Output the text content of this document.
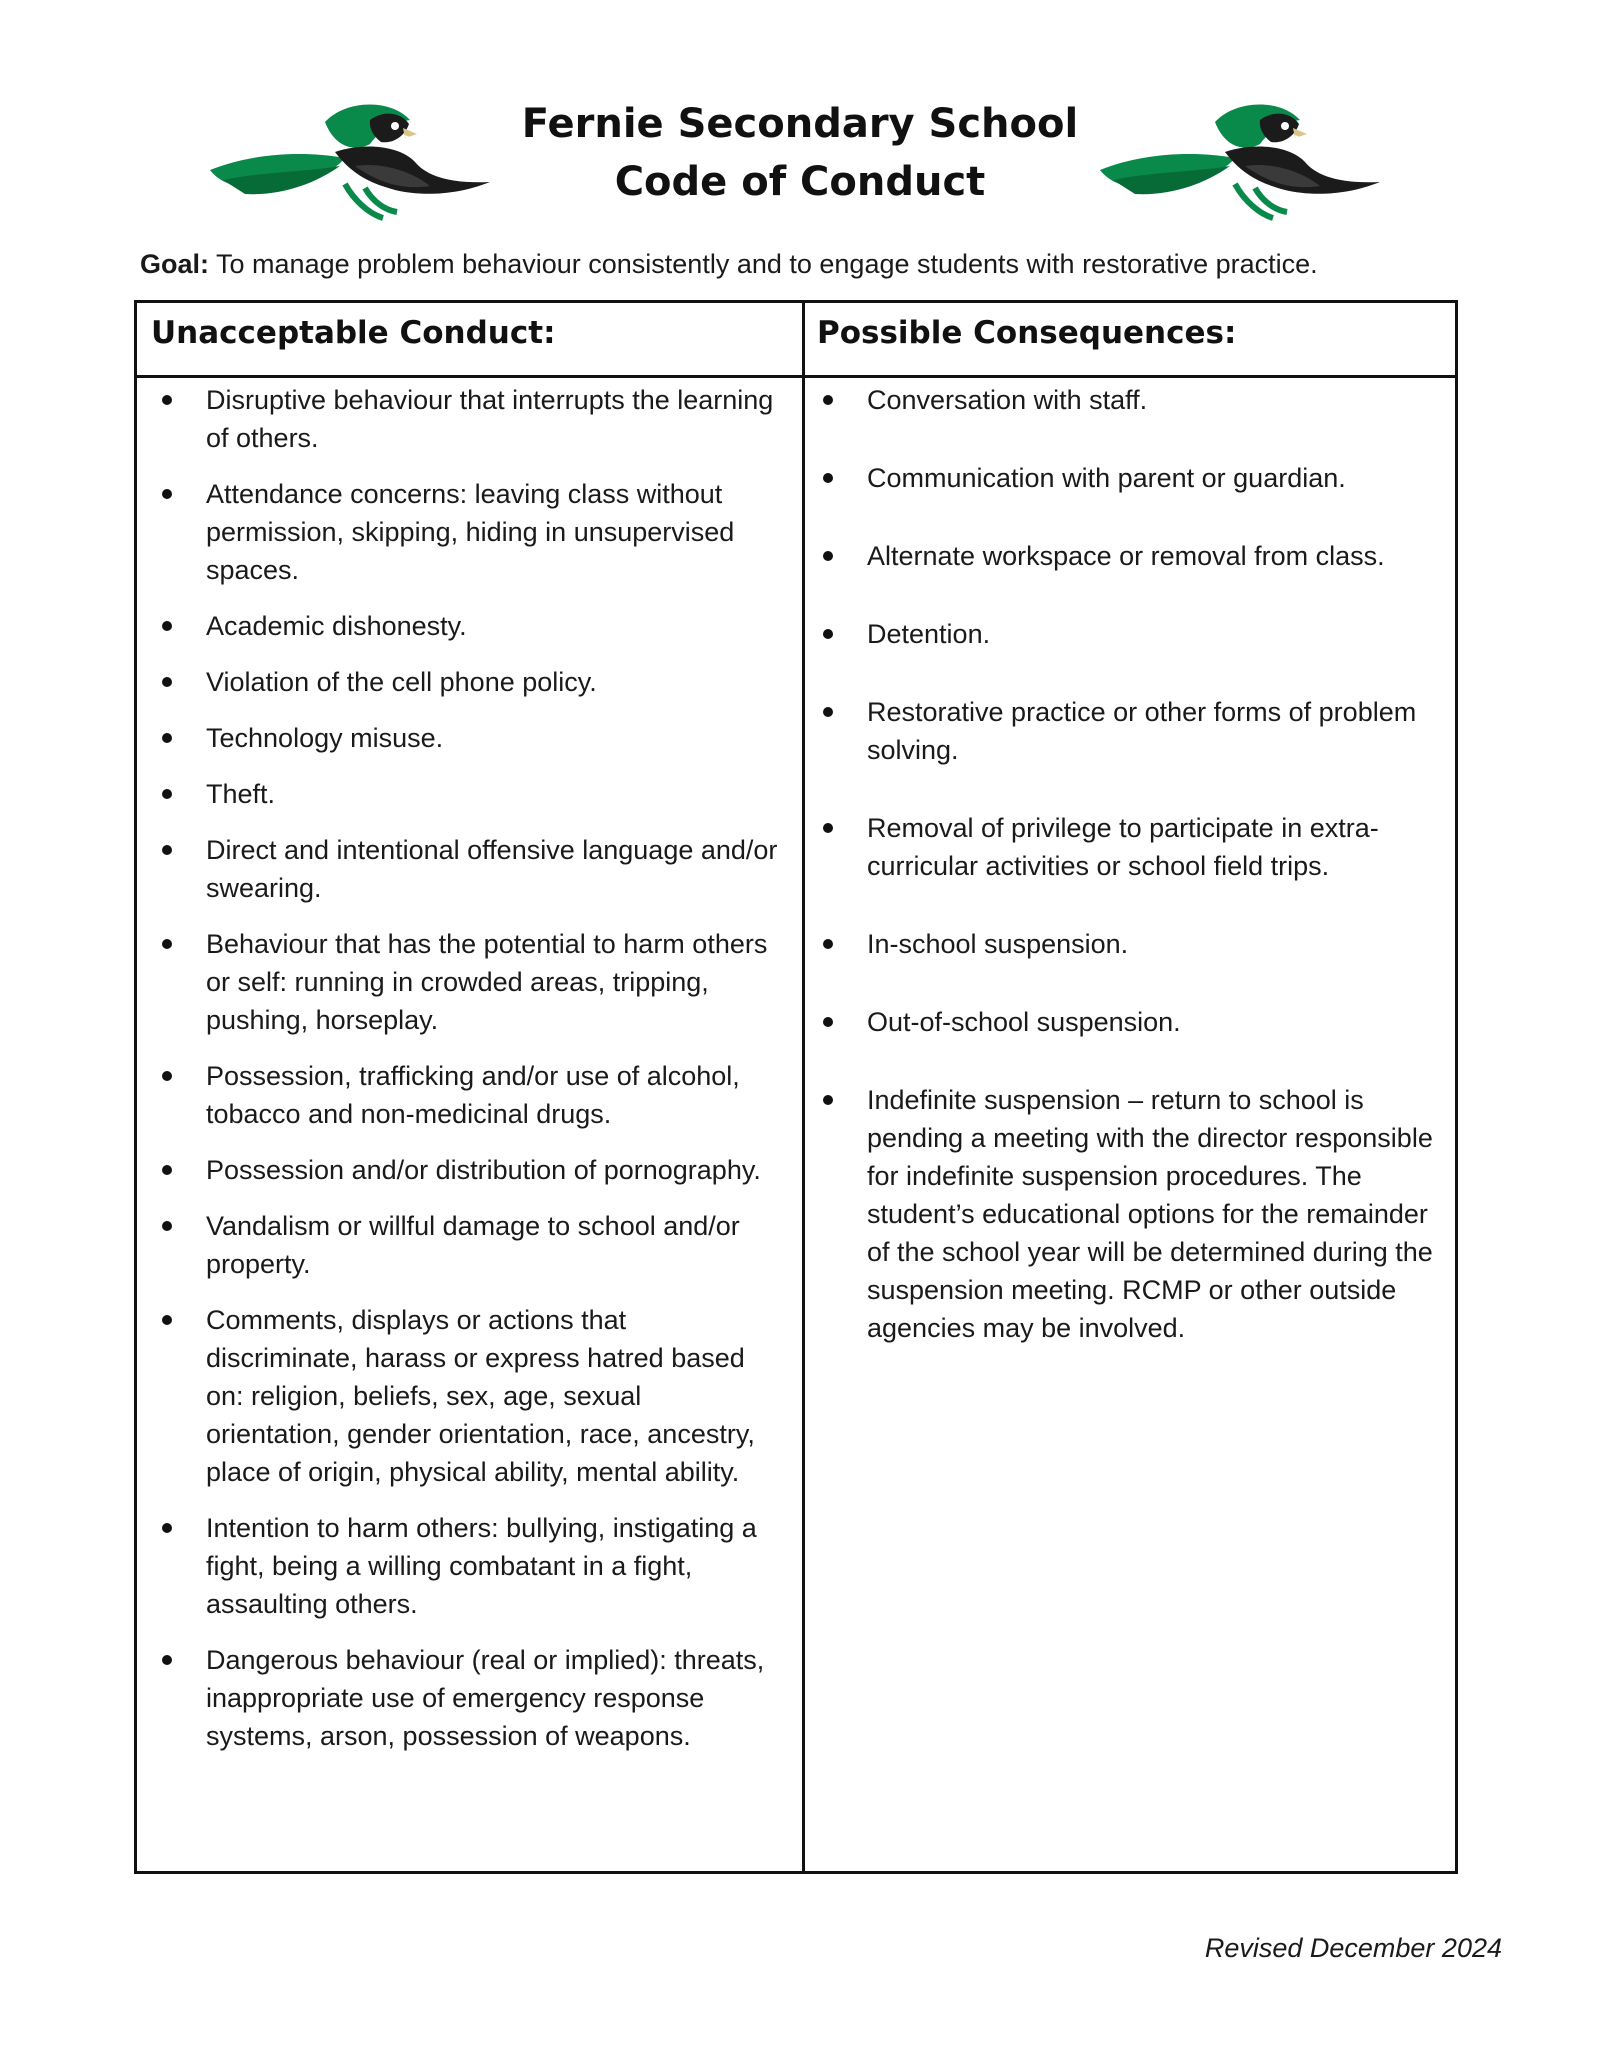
Fernie Secondary School
Code of Conduct
Goal: To manage problem behaviour consistently and to engage students with restorative practice.
Unacceptable Conduct:	Possible Consequences:
Disruptive behaviour that interrupts the learning of others.
Attendance concerns: leaving class without permission, skipping, hiding in unsupervised spaces.
Academic dishonesty.
Violation of the cell phone policy.
Technology misuse.
Theft.
Direct and intentional offensive language and/or swearing.
Behaviour that has the potential to harm others or self: running in crowded areas, tripping, pushing, horseplay.
Possession, trafficking and/or use of alcohol, tobacco and non-medicinal drugs.
Possession and/or distribution of pornography.
Vandalism or willful damage to school and/or property.
Comments, displays or actions that discriminate, harass or express hatred based on: religion, beliefs, sex, age, sexual orientation, gender orientation, race, ancestry, place of origin, physical ability, mental ability.
Intention to harm others: bullying, instigating a fight, being a willing combatant in a fight, assaulting others.
Dangerous behaviour (real or implied): threats, inappropriate use of emergency response systems, arson, possession of weapons.
Conversation with staff.
Communication with parent or guardian.
Alternate workspace or removal from class.
Detention.
Restorative practice or other forms of problem solving.
Removal of privilege to participate in extra-curricular activities or school field trips.
In-school suspension.
Out-of-school suspension.
Indefinite suspension – return to school is pending a meeting with the director responsible for indefinite suspension procedures. The student’s educational options for the remainder of the school year will be determined during the suspension meeting. RCMP or other outside agencies may be involved.
Revised December 2024
